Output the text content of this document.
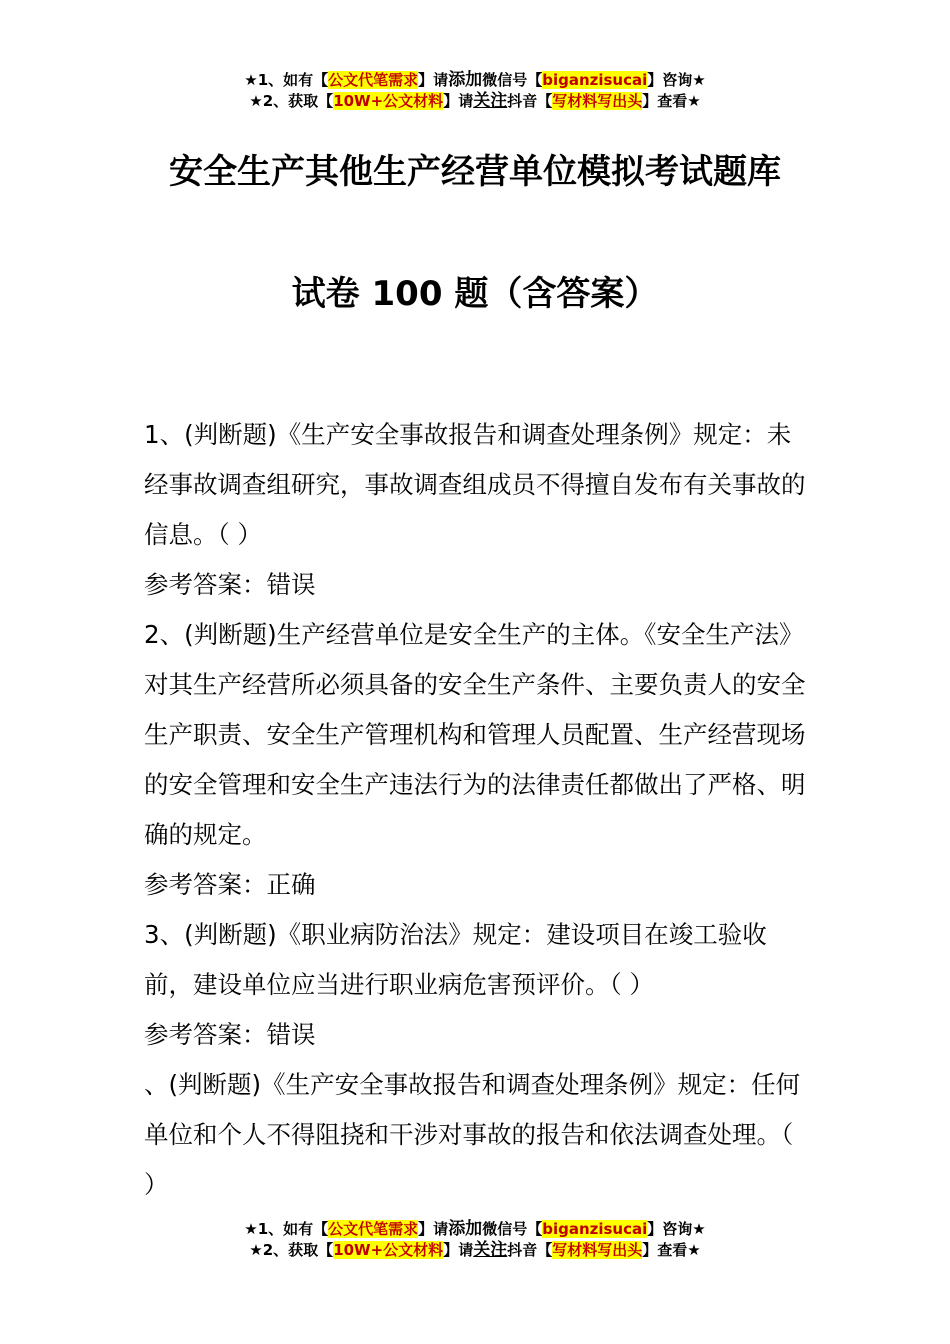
★1、如有【公文代笔需求】请添加微信号【biganzisucai】咨询★
★2、获取【10W+公文材料】请关注抖音【写材料写出头】查看★
安全生产其他生产经营单位模拟考试题库
试卷 100 题（含答案）

1、(判断题)《生产安全事故报告和调查处理条例》规定：未经事故调查组研究，事故调查组成员不得擅自发布有关事故的信息。（ ）

参考答案：错误

2、(判断题)生产经营单位是安全生产的主体。《安全生产法》对其生产经营所必须具备的安全生产条件、主要负责人的安全生产职责、安全生产管理机构和管理人员配置、生产经营现场的安全管理和安全生产违法行为的法律责任都做出了严格、明确的规定。

参考答案：正确

3、(判断题)《职业病防治法》规定：建设项目在竣工验收前，建设单位应当进行职业病危害预评价。（ ）

参考答案：错误

、(判断题)《生产安全事故报告和调查处理条例》规定：任何单位和个人不得阻挠和干涉对事故的报告和依法调查处理。（ ）

★1、如有【公文代笔需求】请添加微信号【biganzisucai】咨询★
★2、获取【10W+公文材料】请关注抖音【写材料写出头】查看★
